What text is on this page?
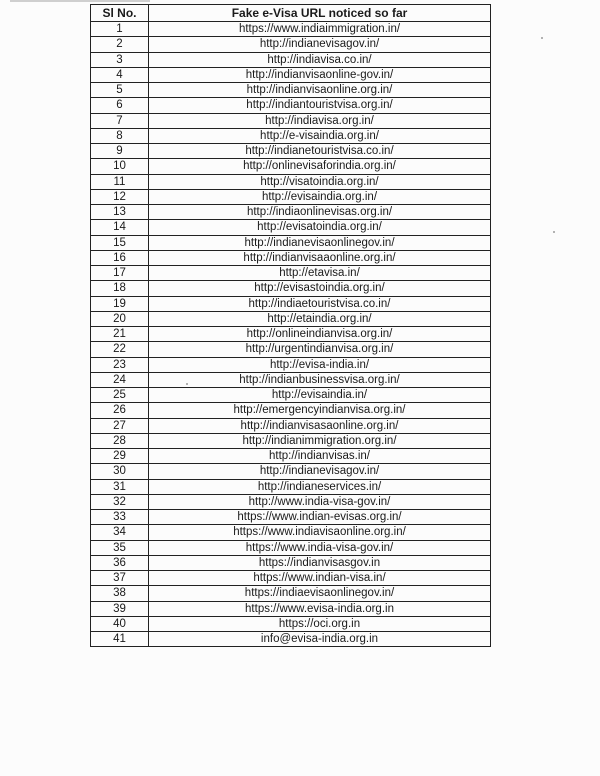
Sl No.	Fake e-Visa URL noticed so far
1	https://www.indiaimmigration.in/
2	http://indianevisagov.in/
3	http://indiavisa.co.in/
4	http://indianvisaonline-gov.in/
5	http://indianvisaonline.org.in/
6	http://indiantouristvisa.org.in/
7	http://indiavisa.org.in/
8	http://e-visaindia.org.in/
9	http://indianetouristvisa.co.in/
10	http://onlinevisaforindia.org.in/
11	http://visatoindia.org.in/
12	http://evisaindia.org.in/
13	http://indiaonlinevisas.org.in/
14	http://evisatoindia.org.in/
15	http://indianevisaonlinegov.in/
16	http://indianvisaaonline.org.in/
17	http://etavisa.in/
18	http://evisastoindia.org.in/
19	http://indiaetouristvisa.co.in/
20	http://etaindia.org.in/
21	http://onlineindianvisa.org.in/
22	http://urgentindianvisa.org.in/
23	http://evisa-india.in/
24	http://indianbusinessvisa.org.in/
25	http://evisaindia.in/
26	http://emergencyindianvisa.org.in/
27	http://indianvisasaonline.org.in/
28	http://indianimmigration.org.in/
29	http://indianvisas.in/
30	http://indianevisagov.in/
31	http://indianeservices.in/
32	http://www.india-visa-gov.in/
33	https://www.indian-evisas.org.in/
34	https://www.indiavisaonline.org.in/
35	https://www.india-visa-gov.in/
36	https://indianvisasgov.in
37	https://www.indian-visa.in/
38	https://indiaevisaonlinegov.in/
39	https://www.evisa-india.org.in
40	https://oci.org.in
41	info@evisa-india.org.in
